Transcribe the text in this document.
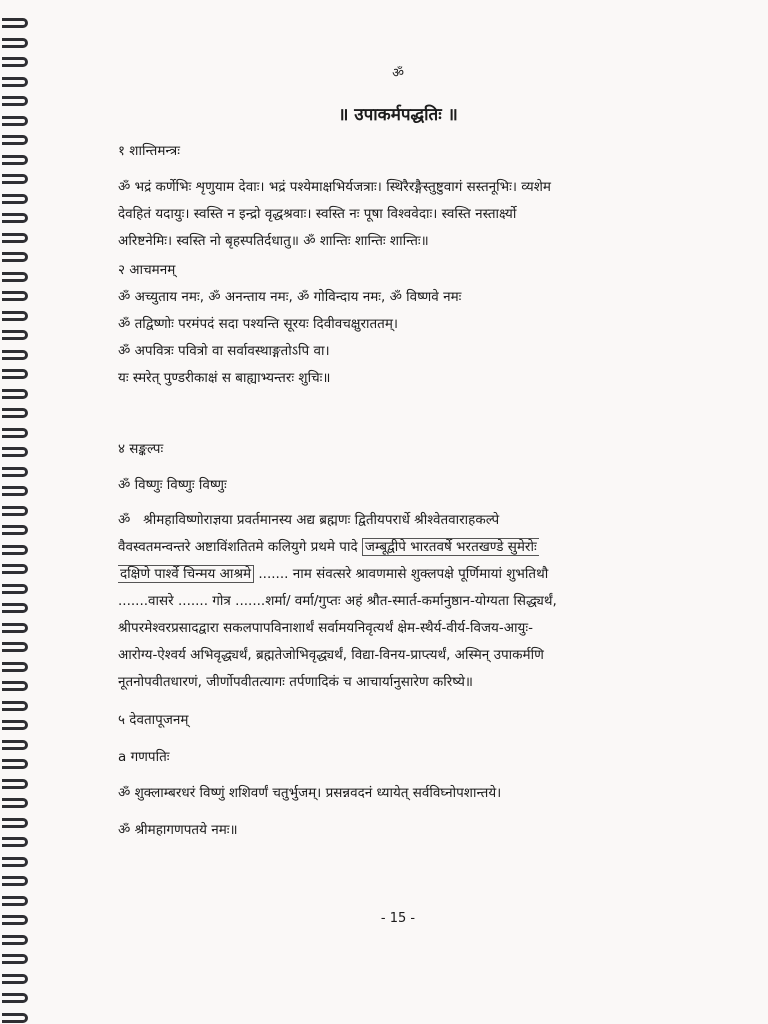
ॐ
॥ उपाकर्मपद्धतिः ॥
१ शान्तिमन्त्रः
ॐ भद्रं कर्णेभिः शृणुयाम देवाः। भद्रं पश्येमाक्षभिर्यजत्राः। स्थिरैरङ्गैस्तुष्टुवागं सस्तनूभिः। व्यशेम
देवहितं यदायुः। स्वस्ति न इन्द्रो वृद्धश्रवाः। स्वस्ति नः पूषा विश्ववेदाः। स्वस्ति नस्तार्क्ष्यो
अरिष्टनेमिः। स्वस्ति नो बृहस्पतिर्दधातु॥ ॐ शान्तिः शान्तिः शान्तिः॥
२ आचमनम्
ॐ अच्युताय नमः, ॐ अनन्ताय नमः, ॐ गोविन्दाय नमः, ॐ विष्णवे नमः
ॐ तद्विष्णोः परमंपदं सदा पश्यन्ति सूरयः दिवीवचक्षुराततम्।
ॐ अपवित्रः पवित्रो वा सर्वावस्थाङ्गतोऽपि वा।
यः स्मरेत् पुण्डरीकाक्षं स बाह्याभ्यन्तरः शुचिः॥
४ सङ्कल्पः
ॐ विष्णुः विष्णुः विष्णुः
ॐ   श्रीमहाविष्णोराज्ञया प्रवर्तमानस्य अद्य ब्रह्मणः द्वितीयपरार्धे श्रीश्वेतवाराहकल्पे
वैवस्वतमन्वन्तरे अष्टाविंशतितमे कलियुगे प्रथमे पादे जम्बूद्वीपे भारतवर्षे भरतखण्डे सुमेरोः
दक्षिणे पार्श्वे चिन्मय आश्रमे ....... नाम संवत्सरे श्रावणमासे शुक्लपक्षे पूर्णिमायां शुभतिथौ
.......वासरे ....... गोत्र .......शर्मा/ वर्मा/गुप्तः अहं श्रौत-स्मार्त-कर्मानुष्ठान-योग्यता सिद्ध्यर्थं,
श्रीपरमेश्वरप्रसादद्वारा सकलपापविनाशार्थं सर्वामयनिवृत्यर्थं क्षेम-स्थैर्य-वीर्य-विजय-आयुः-
आरोग्य-ऐश्वर्य अभिवृद्ध्यर्थं, ब्रह्मतेजोभिवृद्ध्यर्थं, विद्या-विनय-प्राप्त्यर्थं, अस्मिन् उपाकर्मणि
नूतनोपवीतधारणं, जीर्णोपवीतत्यागः तर्पणादिकं च आचार्यानुसारेण करिष्ये॥
५ देवतापूजनम्
a गणपतिः
ॐ शुक्लाम्बरधरं विष्णुं शशिवर्णं चतुर्भुजम्। प्रसन्नवदनं ध्यायेत् सर्वविघ्नोपशान्तये।
ॐ श्रीमहागणपतये नमः॥
- 15 -
